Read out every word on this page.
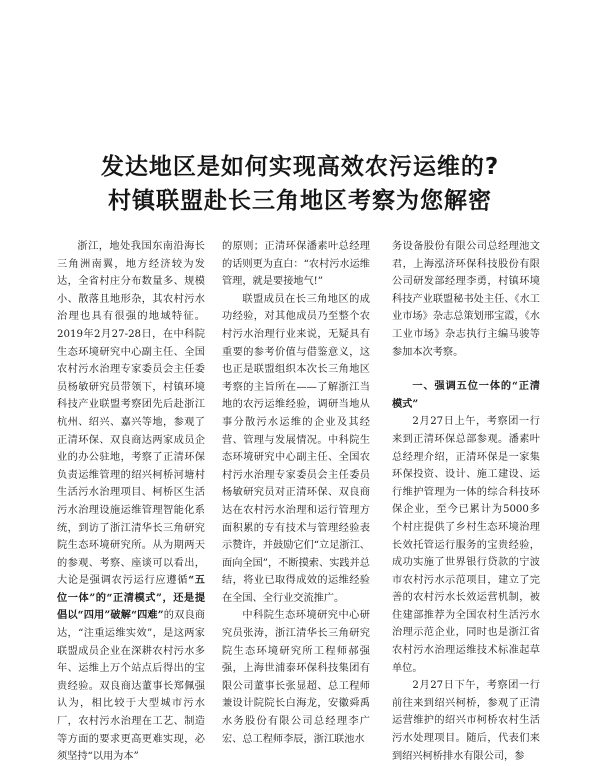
发达地区是如何实现高效农污运维的?
村镇联盟赴长三角地区考察为您解密

浙江，地处我国东南沿海长三角洲南翼，地方经济较为发达，全省村庄分布数量多、规模小、散落且地形杂，其农村污水治理也具有很强的地域特征。2019年2月27-28日，在中科院生态环境研究中心副主任、全国农村污水治理专家委员会主任委员杨敏研究员带领下，村镇环境科技产业联盟考察团先后赴浙江杭州、绍兴、嘉兴等地，参观了正清环保、双良商达两家成员企业的办公驻地，考察了正清环保负责运维管理的绍兴柯桥河塘村生活污水治理项目、柯桥区生活污水治理设施运维管理智能化系统，到访了浙江清华长三角研究院生态环境研究所。从为期两天的参观、考察、座谈可以看出，大论是强调农污运行应遵循“五位一体”的“正清模式”，还是提倡以“四用”破解“四难”的双良商达，“注重运维实效”，是这两家联盟成员企业在深耕农村污水多年、运维上万个站点后得出的宝贵经验。双良商达董事长郑佩强认为，相比较于大型城市污水厂，农村污水治理在工艺、制造等方面的要求更高更难实现，必须坚持“以用为本”

的原则；正清环保潘素叶总经理的话则更为直白：“农村污水运维管理，就是要接地气!”

联盟成员在长三角地区的成功经验，对其他成员乃至整个农村污水治理行业来说，无疑具有重要的参考价值与借鉴意义，这也正是联盟组织本次长三角地区考察的主旨所在——了解浙江当地的农污运维经验，调研当地从事分散污水运维的企业及其经营、管理与发展情况。中科院生态环境研究中心副主任、全国农村污水治理专家委员会主任委员杨敏研究员对正清环保、双良商达在农村污水治理和运行管理方面积累的专有技术与管理经验表示赞许，并鼓励它们“立足浙江、面向全国”，不断摸索、实践并总结，将业已取得成效的运维经验在全国、全行业交流推广。

中科院生态环境研究中心研究员张涛，浙江清华长三角研究院生态环境研究所工程师郝强强，上海世浦泰环保科技集团有限公司董事长张显超、总工程师兼设计院院长白海龙，安徽舜禹水务股份有限公司总经理李广宏、总工程师李辰，浙江联池水

务设备股份有限公司总经理池文君，上海泓济环保科技股份有限公司研发部经理李勇，村镇环境科技产业联盟秘书处主任、《水工业市场》杂志总策划邢宝霞，《水工业市场》杂志执行主编马骏等参加本次考察。

一、强调五位一体的“正清模式”

2月27日上午，考察团一行来到正清环保总部参观。潘素叶总经理介绍，正清环保是一家集环保投资、设计、施工建设、运行维护管理为一体的综合科技环保企业，至今已累计为5000多个村庄提供了乡村生态环境治理长效托管运行服务的宝贵经验，成功实施了世界银行贷款的宁波市农村污水示范项目，建立了完善的农村污水长效运营机制，被住建部推荐为全国农村生活污水治理示范企业，同时也是浙江省农村污水治理运维技术标准起草单位。

2月27日下午，考察团一行前往来到绍兴柯桥，参观了正清运营维护的绍兴市柯桥农村生活污水处理项目。随后，代表们来到绍兴柯桥排水有限公司，参
